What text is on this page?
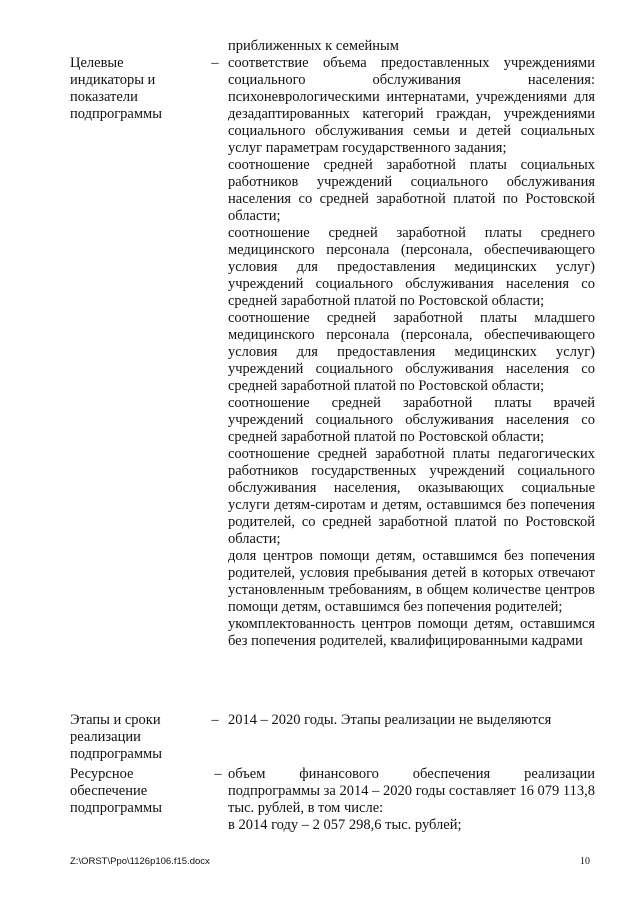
приближенных к семейным
Целевые
индикаторы и
показатели
подпрограммы
– соответствие объема предоставленных учреждениями социального обслуживания населения: психоневрологическими интернатами, учреждениями для дезадаптированных категорий граждан, учреждениями социального обслуживания семьи и детей социальных услуг параметрам государственного задания;

соотношение средней заработной платы социальных работников учреждений социального обслуживания населения со средней заработной платой по Ростовской области;

соотношение средней заработной платы среднего медицинского персонала (персонала, обеспечивающего условия для предоставления медицинских услуг) учреждений социального обслуживания населения со средней заработной платой по Ростовской области;

соотношение средней заработной платы младшего медицинского персонала (персонала, обеспечивающего условия для предоставления медицинских услуг) учреждений социального обслуживания населения со средней заработной платой по Ростовской области;

соотношение средней заработной платы врачей учреждений социального обслуживания населения со средней заработной платой по Ростовской области;

соотношение средней заработной платы педагогических работников государственных учреждений социального обслуживания населения, оказывающих социальные услуги детям-сиротам и детям, оставшимся без попечения родителей, со средней заработной платой по Ростовской области;

доля центров помощи детям, оставшимся без попечения родителей, условия пребывания детей в которых отвечают установленным требованиям, в общем количестве центров помощи детям, оставшимся без попечения родителей;

укомплектованность центров помощи детям, оставшимся без попечения родителей, квалифицированными кадрами

Этапы и сроки
реализации
подпрограммы
– 2014 – 2020 годы. Этапы реализации не выделяются

Ресурсное
обеспечение
подпрограммы
– объем финансового обеспечения реализации подпрограммы за 2014 – 2020 годы составляет 16 079 113,8 тыс. рублей, в том числе:

в 2014 году – 2 057 298,6 тыс. рублей;

Z:\ORST\Ppo\1126p106.f15.docx	10
